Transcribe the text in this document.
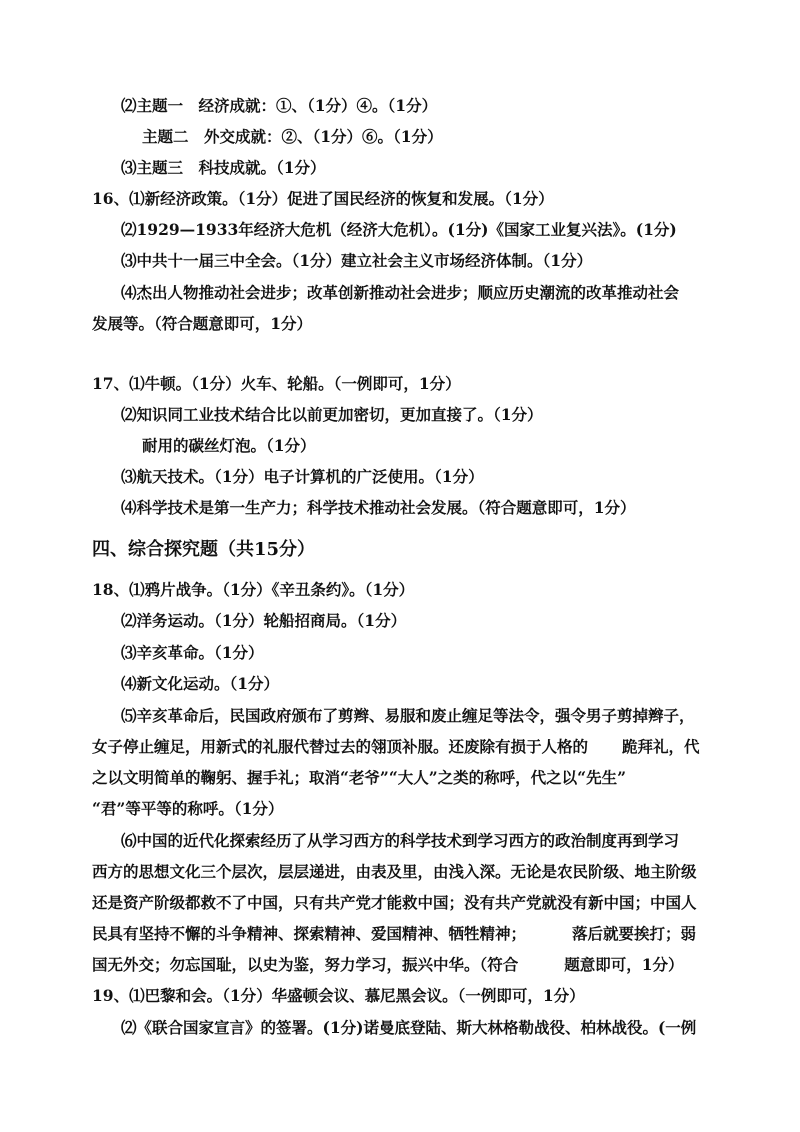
⑵主题一　经济成就：①、（1分）④。（1分）
主题二　外交成就：②、（1分）⑥。（1分）
⑶主题三　科技成就。（1分）
16、⑴新经济政策。（1分）促进了国民经济的恢复和发展。（1分）
⑵1929—1933年经济大危机（经济大危机）。(1分)《国家工业复兴法》。(1分)
⑶中共十一届三中全会。（1分）建立社会主义市场经济体制。（1分）
⑷杰出人物推动社会进步；改革创新推动社会进步；顺应历史潮流的改革推动社会
发展等。（符合题意即可，1分）
17、⑴牛顿。（1分）火车、轮船。（一例即可，1分）
⑵知识同工业技术结合比以前更加密切，更加直接了。（1分）
耐用的碳丝灯泡。（1分）
⑶航天技术。（1分）电子计算机的广泛使用。（1分）
⑷科学技术是第一生产力；科学技术推动社会发展。（符合题意即可，1分）
四、综合探究题（共15分）
18、⑴鸦片战争。（1分）《辛丑条约》。（1分）
⑵洋务运动。（1分）轮船招商局。（1分）
⑶辛亥革命。（1分）
⑷新文化运动。（1分）
⑸辛亥革命后，民国政府颁布了剪辫、易服和废止缠足等法令，强令男子剪掉辫子，
女子停止缠足，用新式的礼服代替过去的翎顶补服。还废除有损于人格的 跪拜礼，代
之以文明简单的鞠躬、握手礼；取消“老爷”“大人”之类的称呼，代之以“先生”
“君”等平等的称呼。（1分）
⑹中国的近代化探索经历了从学习西方的科学技术到学习西方的政治制度再到学习
西方的思想文化三个层次，层层递进，由表及里，由浅入深。无论是农民阶级、地主阶级
还是资产阶级都救不了中国，只有共产党才能救中国；没有共产党就没有新中国；中国人
民具有坚持不懈的斗争精神、探索精神、爱国精神、牺牲精神；	落后就要挨打；弱
国无外交；勿忘国耻，以史为鉴，努力学习，振兴中华。（符合	题意即可，1分）
19、⑴巴黎和会。（1分）华盛顿会议、慕尼黑会议。（一例即可，1分）
⑵《联合国家宣言》的签署。(1分)诺曼底登陆、斯大林格勒战役、柏林战役。(一例
